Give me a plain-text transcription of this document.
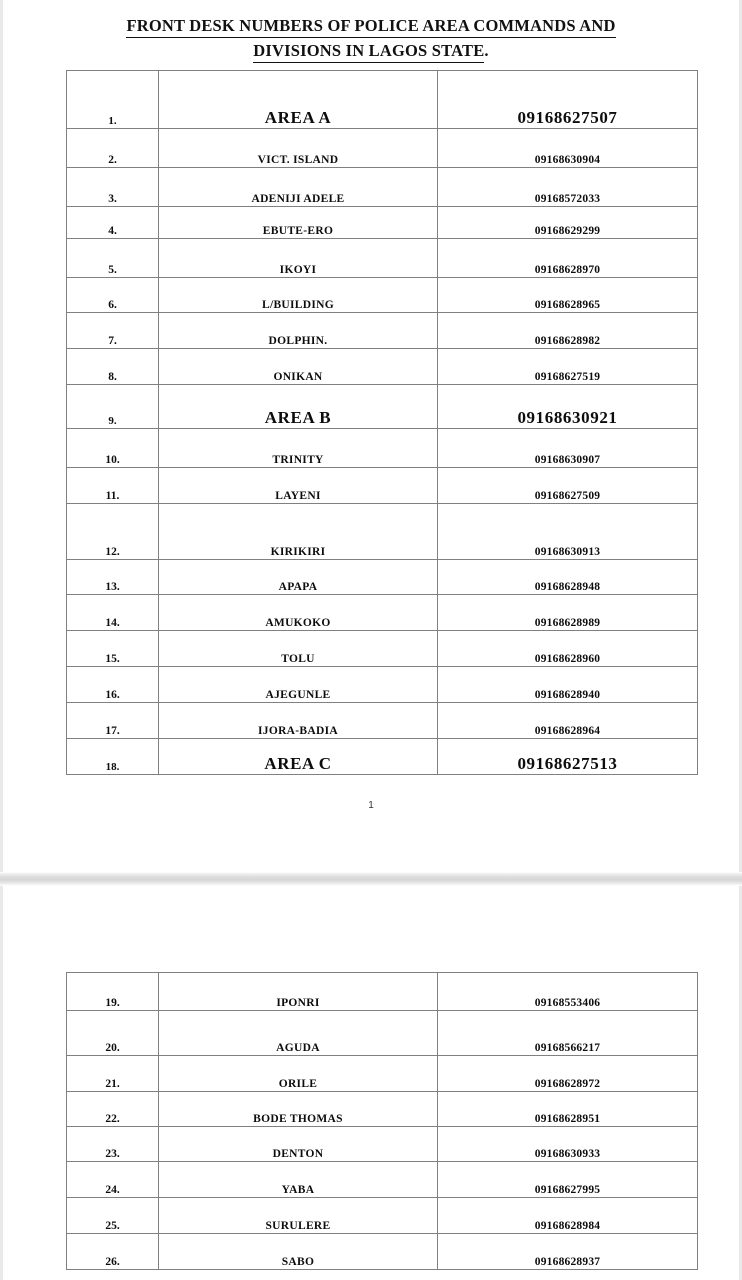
FRONT DESK NUMBERS OF POLICE AREA COMMANDS AND
DIVISIONS IN LAGOS STATE.
1.	AREA A	09168627507
2.	VICT. ISLAND	09168630904
3.	ADENIJI ADELE	09168572033
4.	EBUTE-ERO	09168629299
5.	IKOYI	09168628970
6.	L/BUILDING	09168628965
7.	DOLPHIN.	09168628982
8.	ONIKAN	09168627519
9.	AREA B	09168630921
10.	TRINITY	09168630907
11.	LAYENI	09168627509
12.	KIRIKIRI	09168630913
13.	APAPA	09168628948
14.	AMUKOKO	09168628989
15.	TOLU	09168628960
16.	AJEGUNLE	09168628940
17.	IJORA-BADIA	09168628964
18.	AREA C	09168627513
1
19.	IPONRI	09168553406
20.	AGUDA	09168566217
21.	ORILE	09168628972
22.	BODE THOMAS	09168628951
23.	DENTON	09168630933
24.	YABA	09168627995
25.	SURULERE	09168628984
26.	SABO	09168628937
